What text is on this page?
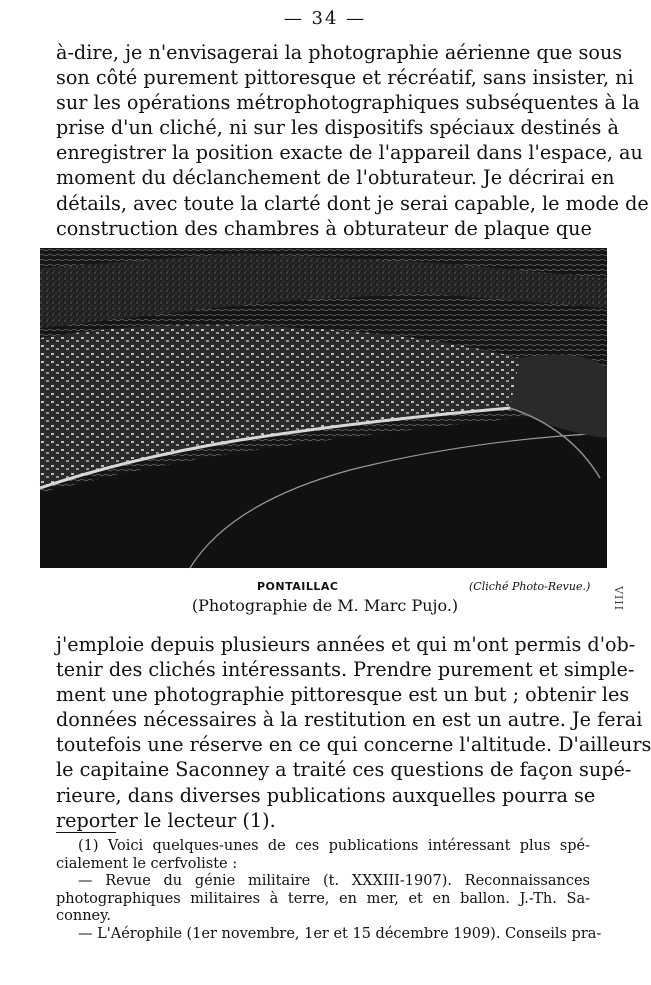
— 34 —

à-dire, je n'envisagerai la photographie aérienne que sous
son côté purement pittoresque et récréatif, sans insister, ni
sur les opérations métrophotographiques subséquentes à la
prise d'un cliché, ni sur les dispositifs spéciaux destinés à
enregistrer la position exacte de l'appareil dans l'espace, au
moment du déclanchement de l'obturateur. Je décrirai en
détails, avec toute la clarté dont je serai capable, le mode de
construction des chambres à obturateur de plaque que

PONTAILLAC	(Cliché Photo-Revue.)
(Photographie de M. Marc Pujo.)	VIII

j'emploie depuis plusieurs années et qui m'ont permis d'ob-
tenir des clichés intéressants. Prendre purement et simple-
ment une photographie pittoresque est un but ; obtenir les
données nécessaires à la restitution en est un autre. Je ferai
toutefois une réserve en ce qui concerne l'altitude. D'ailleurs
le capitaine Saconney a traité ces questions de façon supé-
rieure, dans diverses publications auxquelles pourra se
reporter le lecteur (1).

(1) Voici quelques-unes de ces publications intéressant plus spé-
cialement le cerfvoliste :
— Revue du génie militaire (t. XXXIII-1907). Reconnaissances
photographiques militaires à terre, en mer, et en ballon. J.-Th. Sa-
conney.
— L'Aérophile (1er novembre, 1er et 15 décembre 1909). Conseils pra-
